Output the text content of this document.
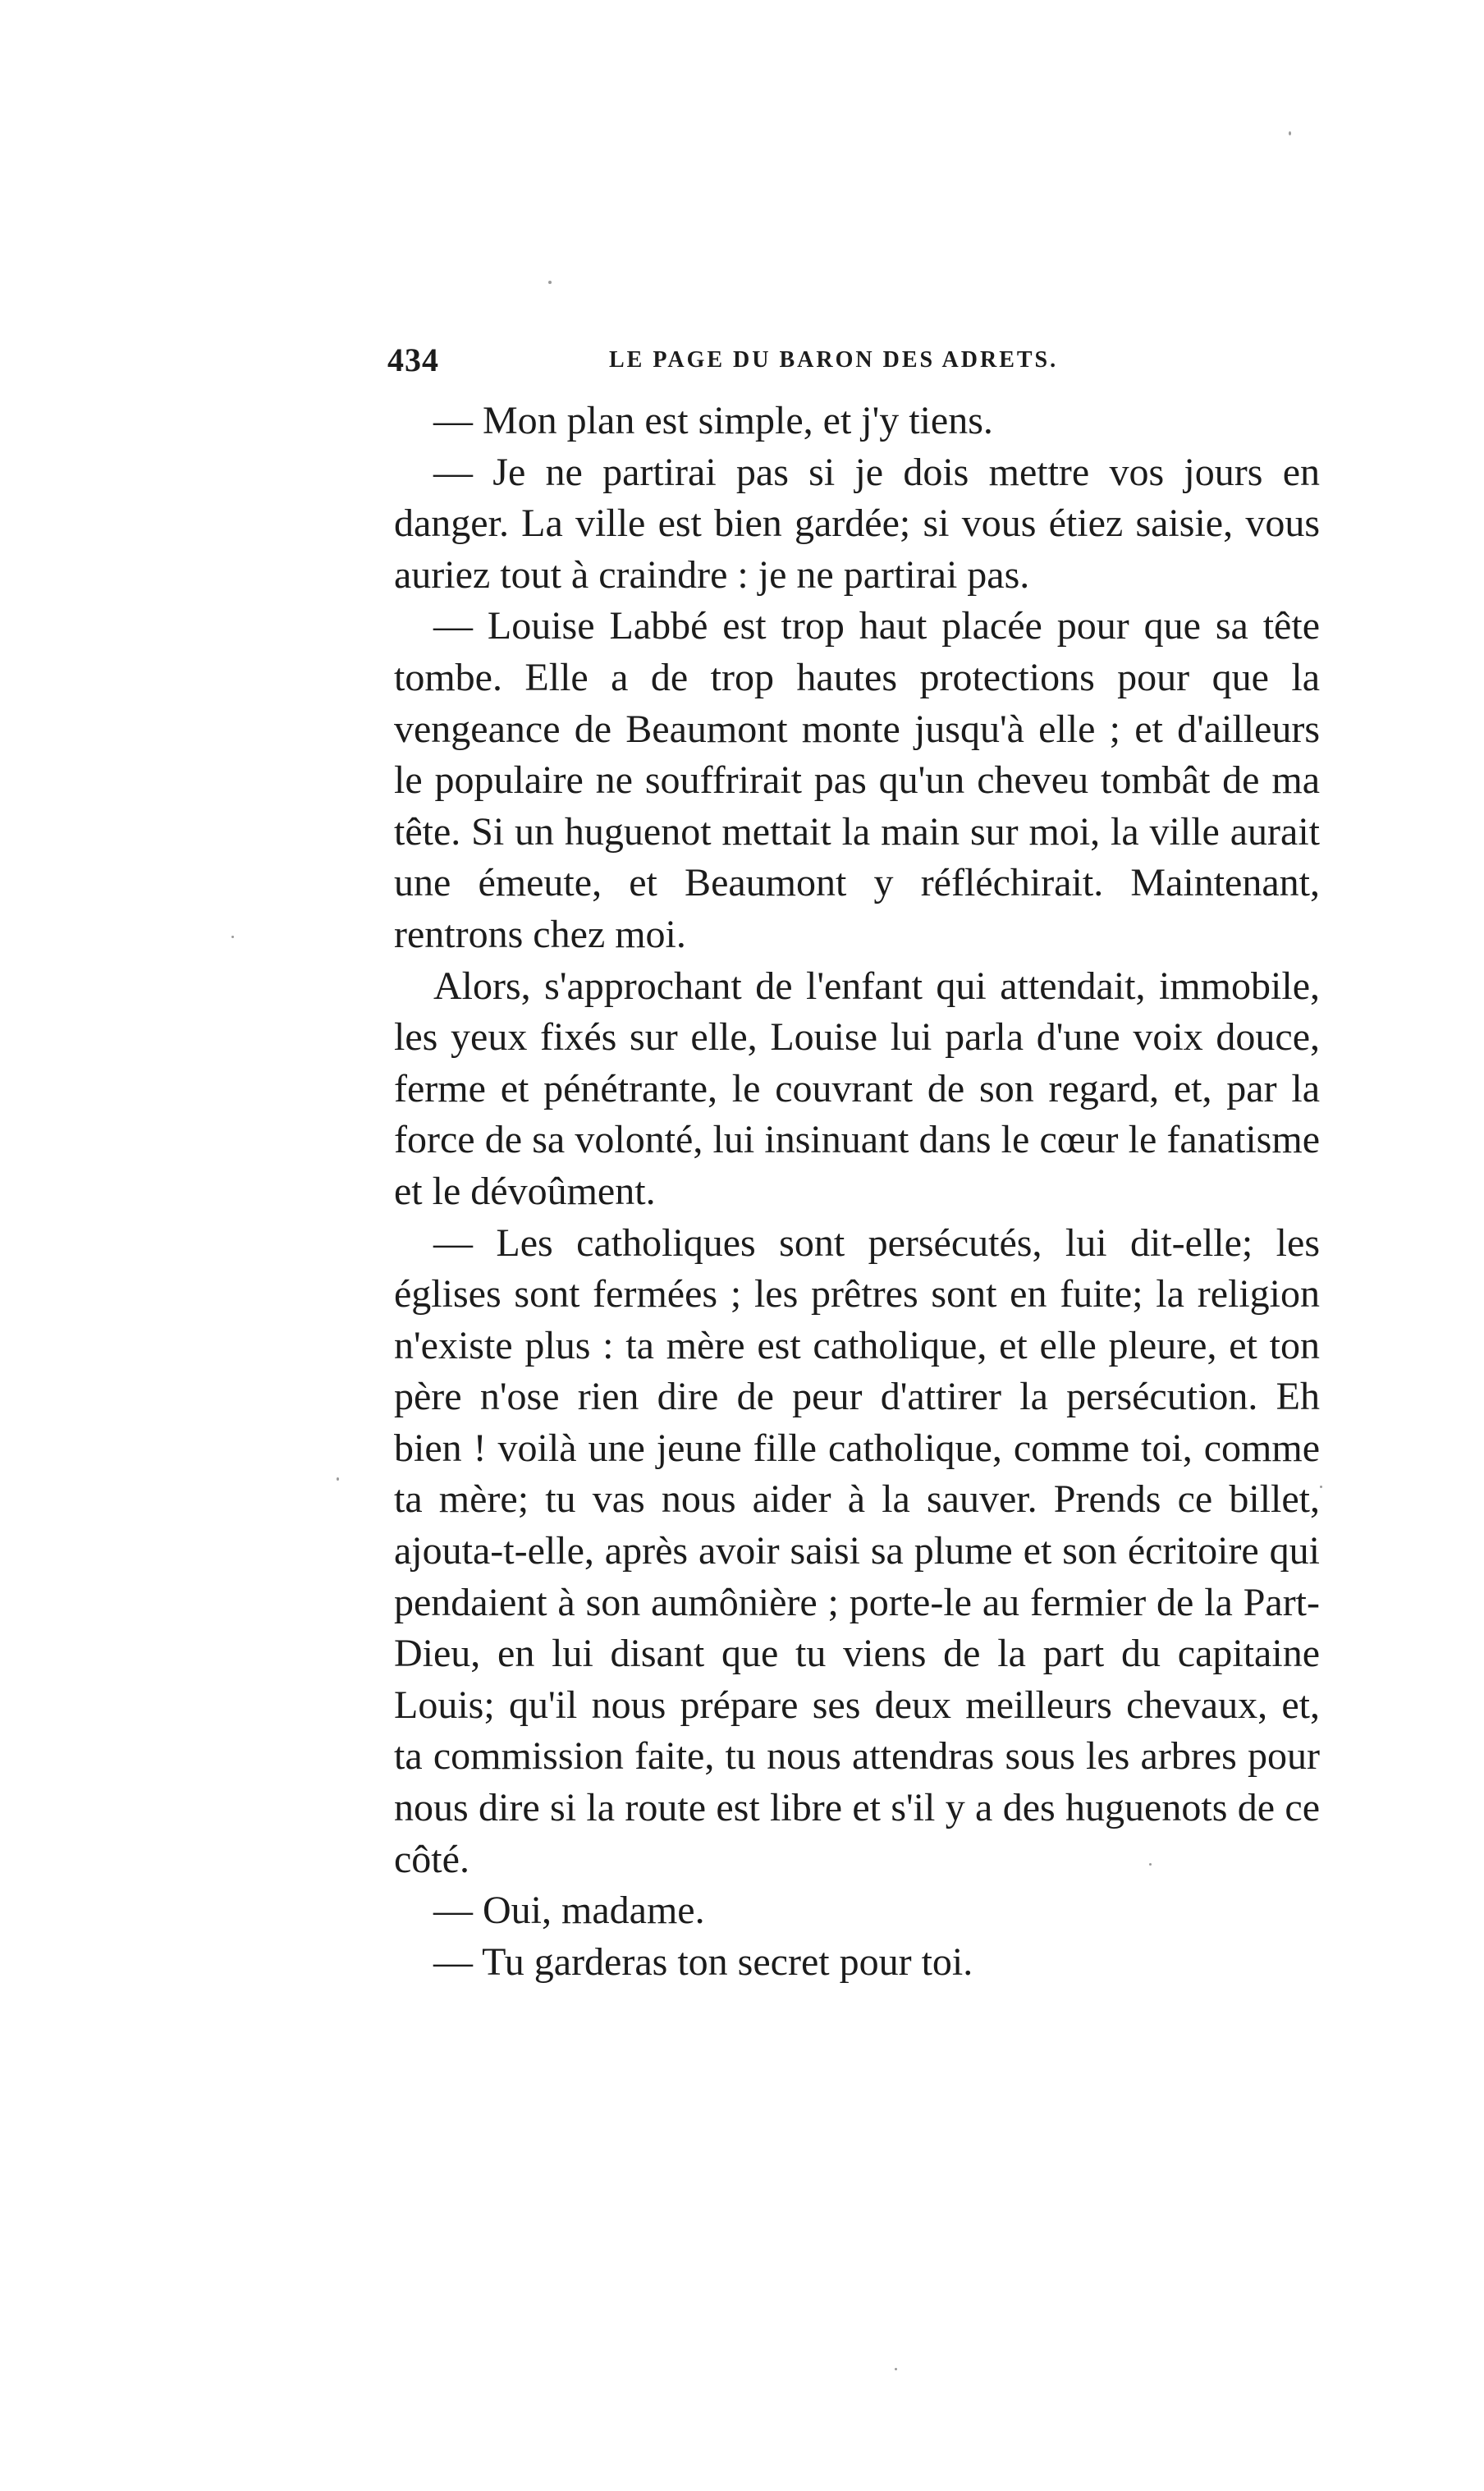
434	LE PAGE DU BARON DES ADRETS.

— Mon plan est simple, et j'y tiens.

— Je ne partirai pas si je dois mettre vos jours en danger. La ville est bien gardée; si vous étiez saisie, vous auriez tout à craindre : je ne partirai pas.

— Louise Labbé est trop haut placée pour que sa tête tombe. Elle a de trop hautes protections pour que la vengeance de Beaumont monte jusqu'à elle ; et d'ailleurs le populaire ne souffrirait pas qu'un cheveu tombât de ma tête. Si un huguenot mettait la main sur moi, la ville aurait une émeute, et Beaumont y réfléchirait. Maintenant, rentrons chez moi.

Alors, s'approchant de l'enfant qui attendait, immobile, les yeux fixés sur elle, Louise lui parla d'une voix douce, ferme et pénétrante, le couvrant de son regard, et, par la force de sa volonté, lui insinuant dans le cœur le fanatisme et le dévoûment.

— Les catholiques sont persécutés, lui dit-elle; les églises sont fermées ; les prêtres sont en fuite; la religion n'existe plus : ta mère est catholique, et elle pleure, et ton père n'ose rien dire de peur d'attirer la persécution. Eh bien ! voilà une jeune fille catholique, comme toi, comme ta mère; tu vas nous aider à la sauver. Prends ce billet, ajouta-t-elle, après avoir saisi sa plume et son écritoire qui pendaient à son aumônière ; porte-le au fermier de la Part-Dieu, en lui disant que tu viens de la part du capitaine Louis; qu'il nous prépare ses deux meilleurs chevaux, et, ta commission faite, tu nous attendras sous les arbres pour nous dire si la route est libre et s'il y a des huguenots de ce côté.

— Oui, madame.

— Tu garderas ton secret pour toi.
